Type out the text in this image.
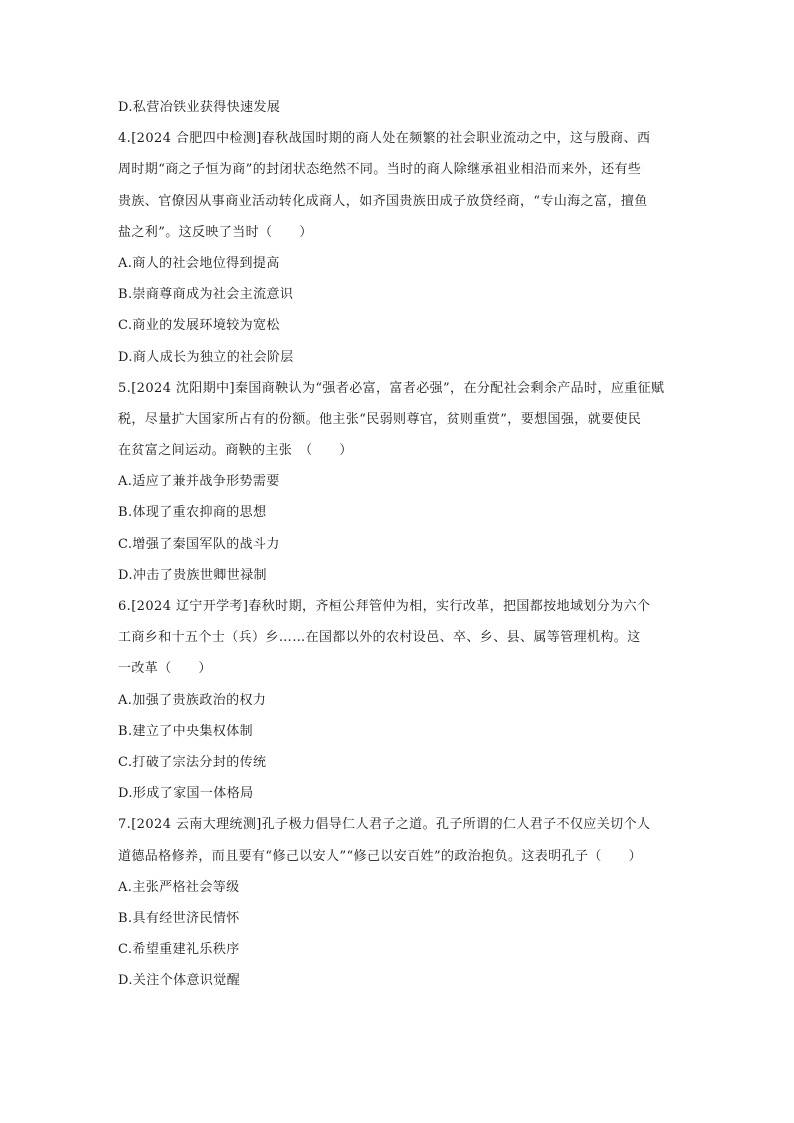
D.私营冶铁业获得快速发展
4.[2024 合肥四中检测]春秋战国时期的商人处在频繁的社会职业流动之中，这与殷商、西
周时期“商之子恒为商”的封闭状态绝然不同。当时的商人除继承祖业相沿而来外，还有些
贵族、官僚因从事商业活动转化成商人，如齐国贵族田成子放贷经商，“专山海之富，擅鱼
盐之利”。这反映了当时（　　）
A.商人的社会地位得到提高
B.崇商尊商成为社会主流意识
C.商业的发展环境较为宽松
D.商人成长为独立的社会阶层
5.[2024 沈阳期中]秦国商鞅认为“强者必富，富者必强”，在分配社会剩余产品时，应重征赋
税，尽量扩大国家所占有的份额。他主张“民弱则尊官，贫则重赏”，要想国强，就要使民
在贫富之间运动。商鞅的主张　（　　）
A.适应了兼并战争形势需要
B.体现了重农抑商的思想
C.增强了秦国军队的战斗力
D.冲击了贵族世卿世禄制
6.[2024 辽宁开学考]春秋时期，齐桓公拜管仲为相，实行改革，把国都按地域划分为六个
工商乡和十五个士（兵）乡……在国都以外的农村设邑、卒、乡、县、属等管理机构。这
一改革（　　）
A.加强了贵族政治的权力
B.建立了中央集权体制
C.打破了宗法分封的传统
D.形成了家国一体格局
7.[2024 云南大理统测]孔子极力倡导仁人君子之道。孔子所谓的仁人君子不仅应关切个人
道德品格修养，而且要有“修己以安人”“修己以安百姓”的政治抱负。这表明孔子（　　）
A.主张严格社会等级
B.具有经世济民情怀
C.希望重建礼乐秩序
D.关注个体意识觉醒
